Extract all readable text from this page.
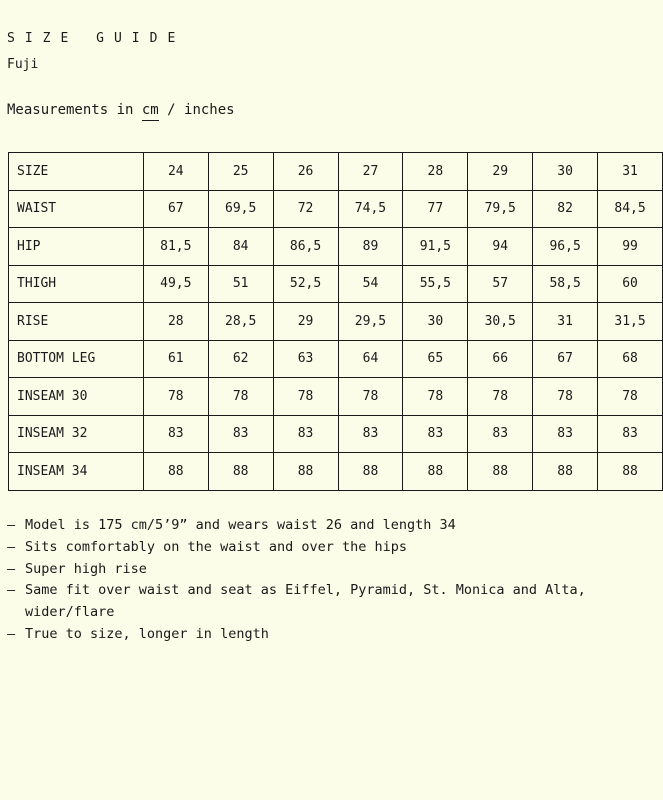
SIZE GUIDE
Fuji
Measurements in cm / inches
SIZE	24	25	26	27	28	29	30	31
WAIST	67	69,5	72	74,5	77	79,5	82	84,5
HIP	81,5	84	86,5	89	91,5	94	96,5	99
THIGH	49,5	51	52,5	54	55,5	57	58,5	60
RISE	28	28,5	29	29,5	30	30,5	31	31,5
BOTTOM LEG	61	62	63	64	65	66	67	68
INSEAM 30	78	78	78	78	78	78	78	78
INSEAM 32	83	83	83	83	83	83	83	83
INSEAM 34	88	88	88	88	88	88	88	88
— Model is 175 cm/5’9” and wears waist 26 and length 34
— Sits comfortably on the waist and over the hips
— Super high rise
— Same fit over waist and seat as Eiffel, Pyramid, St. Monica and Alta, wider/flare
— True to size, longer in length
